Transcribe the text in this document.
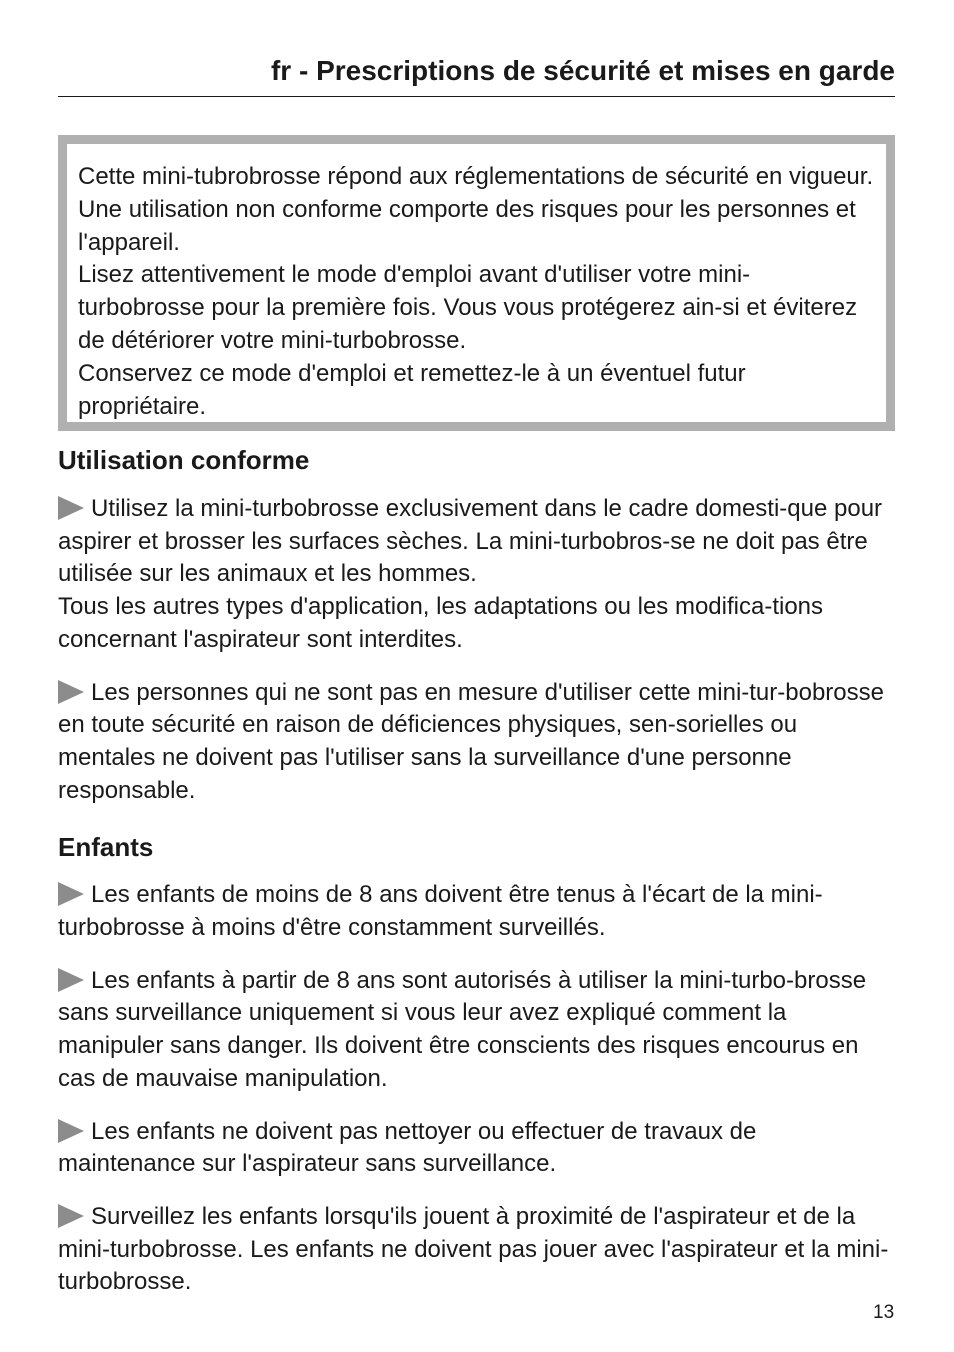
fr - Prescriptions de sécurité et mises en garde

Cette mini-tubrobrosse répond aux réglementations de sécurité en vigueur. Une utilisation non conforme comporte des risques pour les personnes et l'appareil.

Lisez attentivement le mode d'emploi avant d'utiliser votre mini-turbobrosse pour la première fois. Vous vous protégerez ain-si et éviterez de détériorer votre mini-turbobrosse.

Conservez ce mode d'emploi et remettez-le à un éventuel futur propriétaire.

Utilisation conforme

Utilisez la mini-turbobrosse exclusivement dans le cadre domesti-que pour aspirer et brosser les surfaces sèches. La mini-turbobros-se ne doit pas être utilisée sur les animaux et les hommes.

Tous les autres types d'application, les adaptations ou les modifica-tions concernant l'aspirateur sont interdites.

Les personnes qui ne sont pas en mesure d'utiliser cette mini-tur-bobrosse en toute sécurité en raison de déficiences physiques, sen-sorielles ou mentales ne doivent pas l'utiliser sans la surveillance d'une personne responsable.

Enfants

Les enfants de moins de 8 ans doivent être tenus à l'écart de la mini-turbobrosse à moins d'être constamment surveillés.

Les enfants à partir de 8 ans sont autorisés à utiliser la mini-turbo-brosse sans surveillance uniquement si vous leur avez expliqué comment la manipuler sans danger. Ils doivent être conscients des risques encourus en cas de mauvaise manipulation.

Les enfants ne doivent pas nettoyer ou effectuer de travaux de maintenance sur l'aspirateur sans surveillance.

Surveillez les enfants lorsqu'ils jouent à proximité de l'aspirateur et de la mini-turbobrosse. Les enfants ne doivent pas jouer avec l'aspirateur et la mini-turbobrosse.

13
